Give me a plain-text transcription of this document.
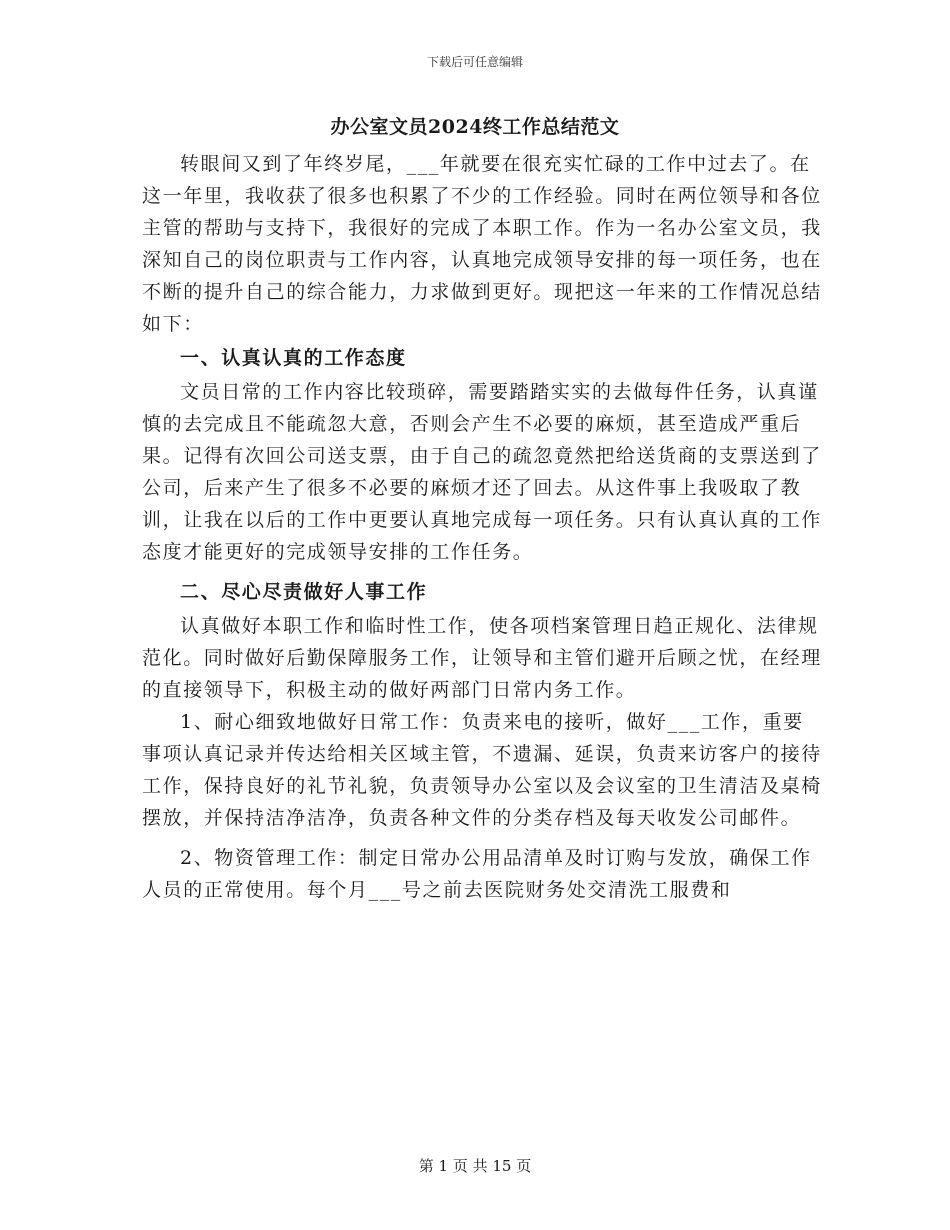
下载后可任意编辑
办公室文员2024终工作总结范文

转眼间又到了年终岁尾，___年就要在很充实忙碌的工作中过去了。在这一年里，我收获了很多也积累了不少的工作经验。同时在两位领导和各位主管的帮助与支持下，我很好的完成了本职工作。作为一名办公室文员，我深知自己的岗位职责与工作内容，认真地完成领导安排的每一项任务，也在不断的提升自己的综合能力，力求做到更好。现把这一年来的工作情况总结如下：

一、认真认真的工作态度

文员日常的工作内容比较琐碎，需要踏踏实实的去做每件任务，认真谨慎的去完成且不能疏忽大意，否则会产生不必要的麻烦，甚至造成严重后果。记得有次回公司送支票，由于自己的疏忽竟然把给送货商的支票送到了公司，后来产生了很多不必要的麻烦才还了回去。从这件事上我吸取了教训，让我在以后的工作中更要认真地完成每一项任务。只有认真认真的工作态度才能更好的完成领导安排的工作任务。

二、尽心尽责做好人事工作

认真做好本职工作和临时性工作，使各项档案管理日趋正规化、法律规范化。同时做好后勤保障服务工作，让领导和主管们避开后顾之忧，在经理的直接领导下，积极主动的做好两部门日常内务工作。

1、耐心细致地做好日常工作：负责来电的接听，做好___工作，重要事项认真记录并传达给相关区域主管，不遗漏、延误，负责来访客户的接待工作，保持良好的礼节礼貌，负责领导办公室以及会议室的卫生清洁及桌椅摆放，并保持洁净洁净，负责各种文件的分类存档及每天收发公司邮件。

2、物资管理工作：制定日常办公用品清单及时订购与发放，确保工作人员的正常使用。每个月___号之前去医院财务处交清洗工服费和

第 1 页 共 15 页
